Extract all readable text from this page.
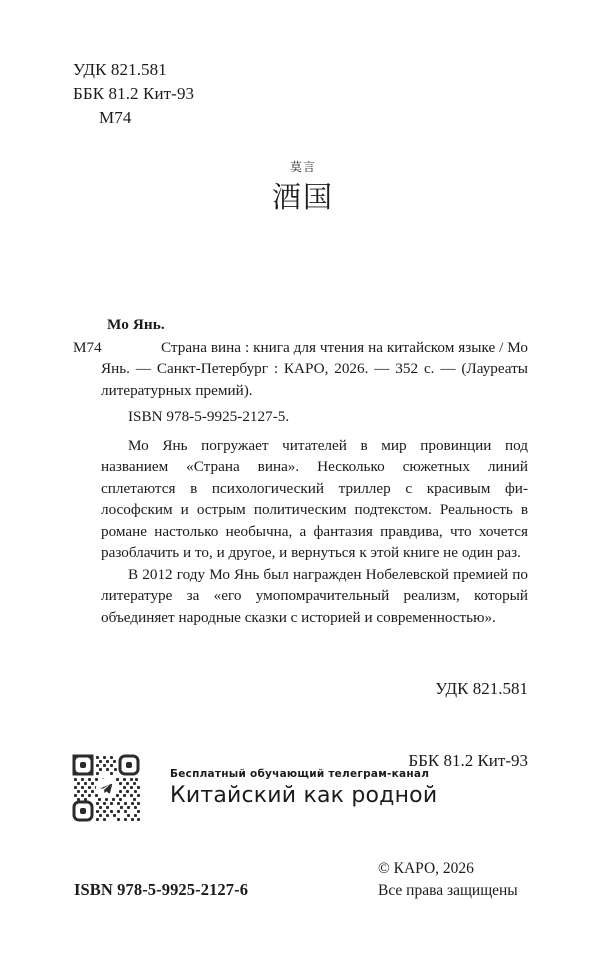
УДК 821.581
ББК 81.2 Кит-93
М74
莫言
酒国
Мо Янь.
М74	Страна вина : книга для чтения на китайском языке / Мо Янь. — Санкт-Петербург : КАРО, 2026. — 352 с. — (Лауреаты литературных премий).
ISBN 978-5-9925-2127-5.

Мо Янь погружает читателей в мир провинции под названием «Страна вина». Несколько сюжетных линий сплетаются в психологический триллер с красивым философским и острым политическим подтекстом. Реальность в романе настолько необычна, а фантазия правдива, что хочется разоблачить и то, и другое, и вернуться к этой книге не один раз.

В 2012 году Мо Янь был награжден Нобелевской премией по литературе за «его умопомрачительный реализм, который объединяет народные сказки с историей и современностью».

УДК 821.581

ББК 81.2 Кит-93

Бесплатный обучающий телеграм-канал
Китайский как родной
ISBN 978-5-9925-2127-6
© КАРО, 2026
Все права защищены
